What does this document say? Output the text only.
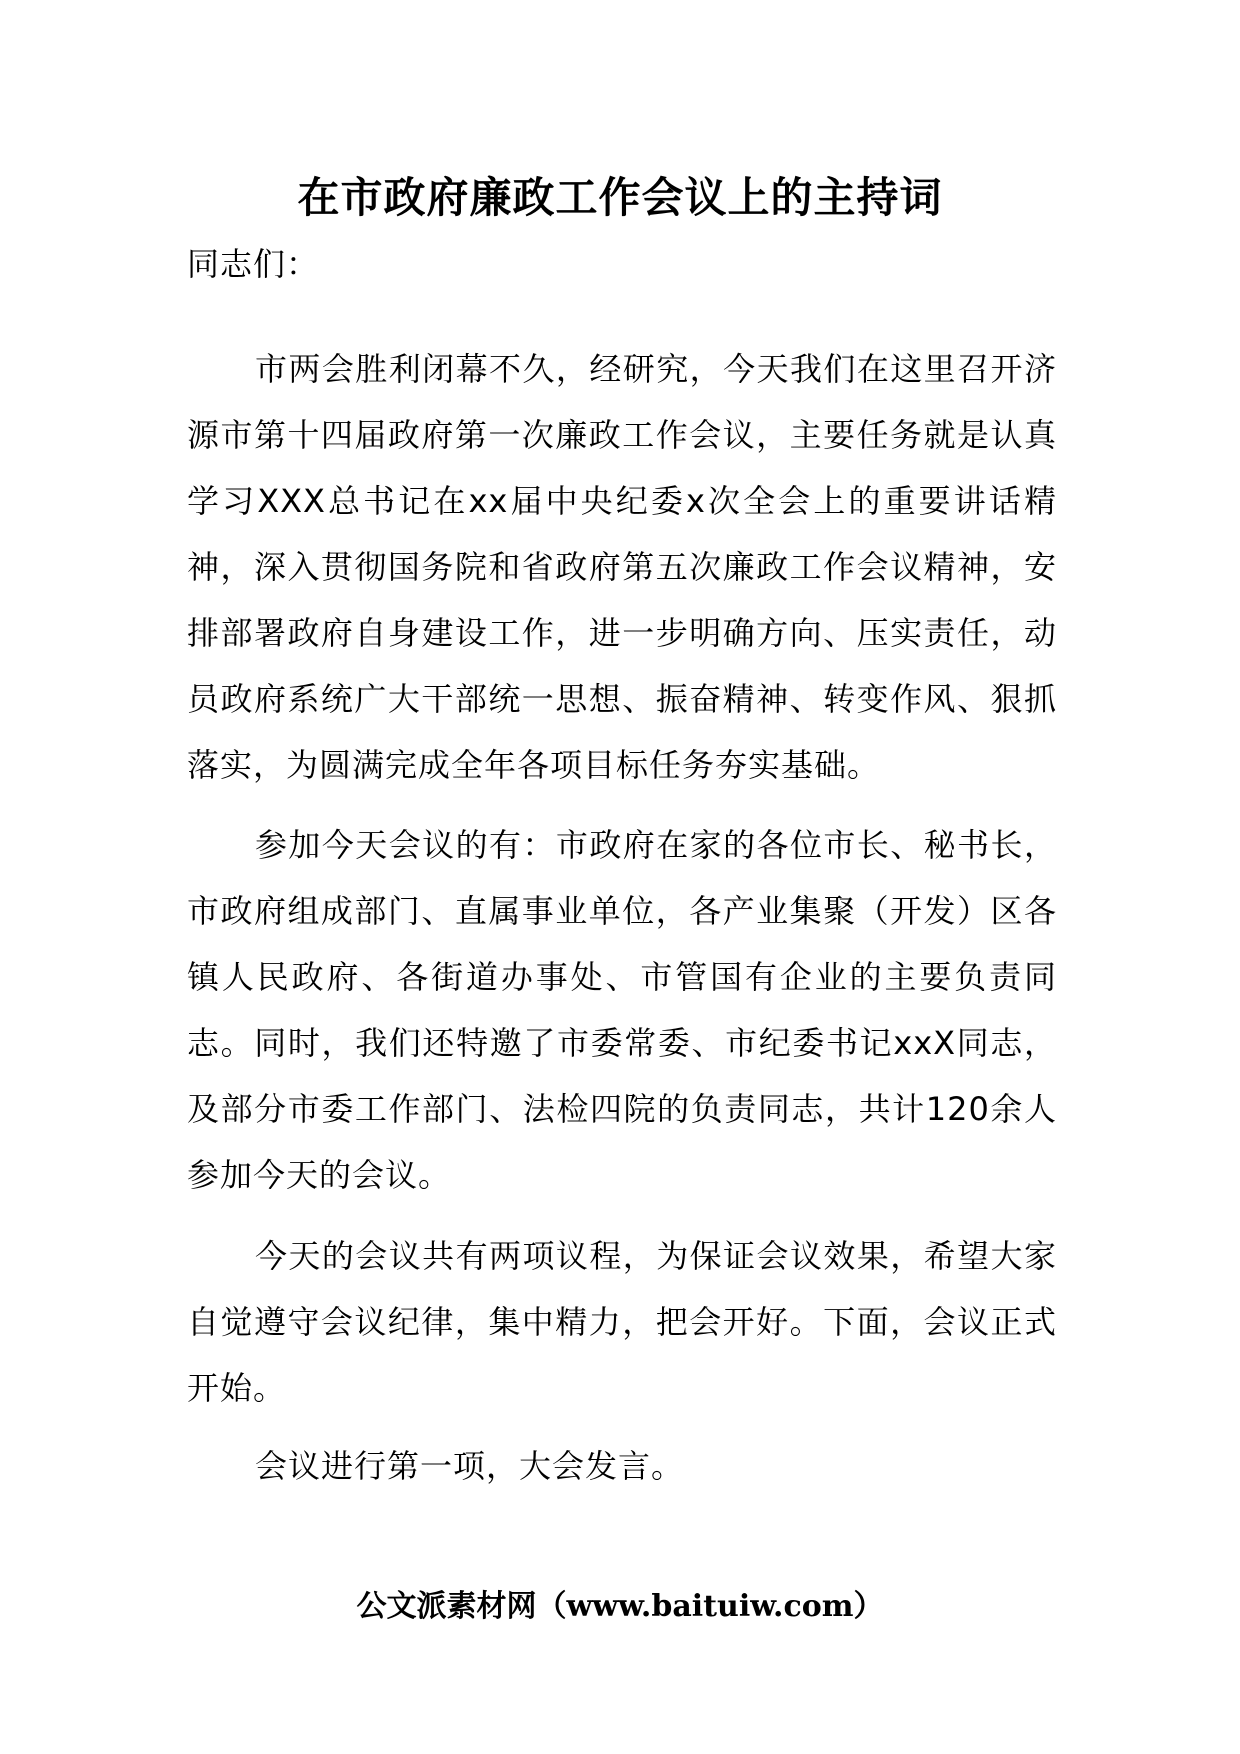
在市政府廉政工作会议上的主持词

同志们：

市两会胜利闭幕不久，经研究，今天我们在这里召开济源市第十四届政府第一次廉政工作会议，主要任务就是认真学习XXX总书记在xx届中央纪委x次全会上的重要讲话精神，深入贯彻国务院和省政府第五次廉政工作会议精神，安排部署政府自身建设工作，进一步明确方向、压实责任，动员政府系统广大干部统一思想、振奋精神、转变作风、狠抓落实，为圆满完成全年各项目标任务夯实基础。

参加今天会议的有：市政府在家的各位市长、秘书长，市政府组成部门、直属事业单位，各产业集聚（开发）区各镇人民政府、各街道办事处、市管国有企业的主要负责同志。同时，我们还特邀了市委常委、市纪委书记xxX同志，及部分市委工作部门、法检四院的负责同志，共计120余人参加今天的会议。

今天的会议共有两项议程，为保证会议效果，希望大家自觉遵守会议纪律，集中精力，把会开好。下面，会议正式开始。

会议进行第一项，大会发言。

公文派素材网（www.baituiw.com）
